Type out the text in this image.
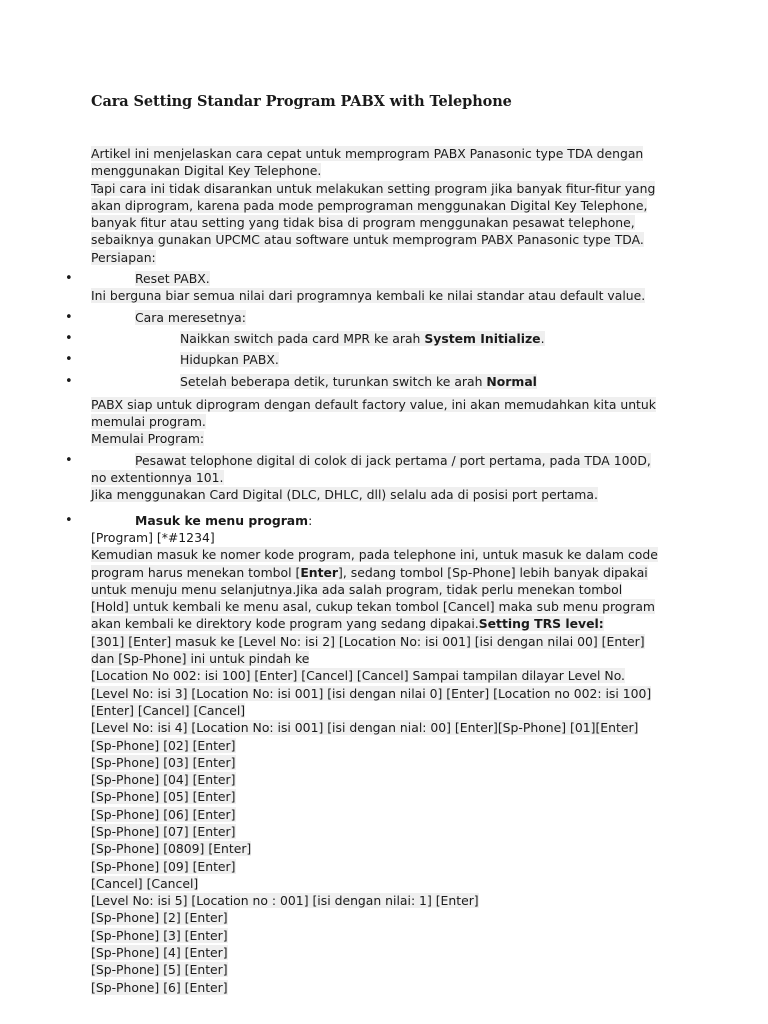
Cara Setting Standar Program PABX with Telephone
Artikel ini menjelaskan cara cepat untuk memprogram PABX Panasonic type TDA dengan
menggunakan Digital Key Telephone.
Tapi cara ini tidak disarankan untuk melakukan setting program jika banyak fitur-fitur yang
akan diprogram, karena pada mode pemprograman menggunakan Digital Key Telephone,
banyak fitur atau setting yang tidak bisa di program menggunakan pesawat telephone,
sebaiknya gunakan UPCMC atau software untuk memprogram PABX Panasonic type TDA.
Persiapan:
•	Reset PABX.
Ini berguna biar semua nilai dari programnya kembali ke nilai standar atau default value.
•	Cara meresetnya:
•	Naikkan switch pada card MPR ke arah System Initialize.
•	Hidupkan PABX.
•	Setelah beberapa detik, turunkan switch ke arah Normal
PABX siap untuk diprogram dengan default factory value, ini akan memudahkan kita untuk
memulai program.
Memulai Program:
•	Pesawat telophone digital di colok di jack pertama / port pertama, pada TDA 100D,
no extentionnya 101.
Jika menggunakan Card Digital (DLC, DHLC, dll) selalu ada di posisi port pertama.
•	Masuk ke menu program:
[Program] [*#1234]
Kemudian masuk ke nomer kode program, pada telephone ini, untuk masuk ke dalam code
program harus menekan tombol [Enter], sedang tombol [Sp-Phone] lebih banyak dipakai
untuk menuju menu selanjutnya.Jika ada salah program, tidak perlu menekan tombol
[Hold] untuk kembali ke menu asal, cukup tekan tombol [Cancel] maka sub menu program
akan kembali ke direktory kode program yang sedang dipakai.Setting TRS level:
[301] [Enter] masuk ke [Level No: isi 2] [Location No: isi 001] [isi dengan nilai 00] [Enter]
dan [Sp-Phone] ini untuk pindah ke
[Location No 002: isi 100] [Enter] [Cancel] [Cancel] Sampai tampilan dilayar Level No.
[Level No: isi 3] [Location No: isi 001] [isi dengan nilai 0] [Enter] [Location no 002: isi 100]
[Enter] [Cancel] [Cancel]
[Level No: isi 4] [Location No: isi 001] [isi dengan nial: 00] [Enter][Sp-Phone] [01][Enter]
[Sp-Phone] [02] [Enter]
[Sp-Phone] [03] [Enter]
[Sp-Phone] [04] [Enter]
[Sp-Phone] [05] [Enter]
[Sp-Phone] [06] [Enter]
[Sp-Phone] [07] [Enter]
[Sp-Phone] [0809] [Enter]
[Sp-Phone] [09] [Enter]
[Cancel] [Cancel]
[Level No: isi 5] [Location no : 001] [isi dengan nilai: 1] [Enter]
[Sp-Phone] [2] [Enter]
[Sp-Phone] [3] [Enter]
[Sp-Phone] [4] [Enter]
[Sp-Phone] [5] [Enter]
[Sp-Phone] [6] [Enter]
